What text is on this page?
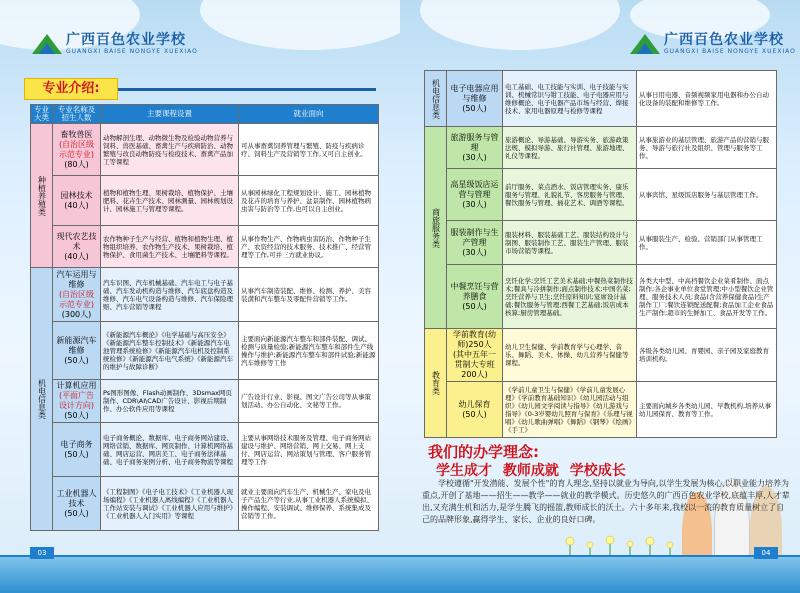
广西百色农业学校
GUANGXI BAISE NONGYE XUEXIAO
专业介绍:
专业大类	专业名称及招生人数	主要课程设置	就业面向
种植养殖类	畜牧兽医
(自治区级示范专业)
(80人)	动物解剖生理、动物微生物及检验动物营养与饲料、兽医基础、畜禽生产与疾病防治、动物繁殖与改良动物防疫与检疫技术、畜禽产品加工等课程	可从事畜禽饲养管理与繁殖、防疫与疾病诊疗、饲料生产及营销等工作,又可自主创业。
	园林技术
(40人)	植物和植物生理、果树栽培、植物保护、土壤肥料、花卉生产技术、园林测量、园林规划设计、园林施工与管理等课程。	从事园林绿化工程规划设计、施工、园林植物及花卉的培育与养护、盆景制作、园林植物病虫害与防治等工作,也可以自主创业。
	现代农艺技术
(40人)	农作物种子生产与经营、植物和植物生理、植物组织培养、农作物生产技术、果树栽培、植物保护、食用菌生产技术、土壤肥料等课程。	从事作物生产、作物病虫害防治、作物种子生产、农资经营的技术服务、技术推广、经营管理等工作,可并三方就业协议。
机电信息类	汽车运用与维修
(自治区级示范专业)
(300人)	汽车识图、汽车机械基础、汽车电工与电子基础、汽车发动机构造与维修、汽车底盘构造及维修、汽车电气设备构造与维修、汽车保险理赔、汽车营销等课程	从事汽车制造装配、维修、检测、养护、美容装潢和汽车整车及零配件营销等工作。
	新能源汽车维修
(50人)	《新能源汽车概论》《电学基础与高压安全》《新能源汽车整车控制技术》《新能源汽车电池管理系统检修》《新能源汽车电机及控制系统检修》《新能源汽车电气系统》《新能源汽车的维护与故障诊断》	主要面向新能源汽车整车和部件装配、调试、检测与质量检验;新能源汽车整车和部件生产线操作与维护;新能源汽车整车和部件试验;新能源汽车维修等工作
	计算机应用
(平面广告设计方向)
(50人)	Ps图形图像、Flash动画制作、3Dsmax网页制作、CDR\AI\CAD广告设计、影视后期制作、办公软件应用等课程	广告设计行业、影视、图文广告公司等从事策划活动、办公自动化、文秘等工作。
	电子商务
(50人)	电子商务概论、数据库、电子商务网站建设、网络营销、数据库、网页制作、计算机网络基础、网店运营、网店美工、电子商务法律基础、电子商务案例分析、电子商务物流等课程	主要从事网络技术服务及管理、电子商务网站建设与维护、网络营销、网上交易、网上支付、网店运营、网站策划与管理、客户服务管理等工作
	工业机器人技术
(50人)	《工程制图》《电子电工技术》《工业机器人现场编程》《工业机器人离线编程》《工业机器人工作站安装与调试》《工业机器人应用与维护》《工业机器人入门实用》等课程	就业主要面向汽车生产、机械生产、家电及电子产品生产等行业,从事工业机器人系统模拟、操作编程、安装调试、维修保养、系统集成及营销等工作。
03
广西百色农业学校
GUANGXI BAISE NONGYE XUEXIAO
机电信息类	电子电器应用与维修
(50人)	电工基础、电工技能与实训、电子技能与实训、机械常识与钳工技能、电子电器应用与维修概论、电子电器产品市场与经营、焊接技术、家用电器原理与检修等课程	从事日用电器、音频视频家用电器和办公自动化设备的装配和维修等工作。
商旅服务类	旅游服务与管理
(30人)	旅游概论、导游基础、导游实务、旅游政策法规、模拟导游、旅行社管理、旅游地理、礼仪等课程。	从事旅游业的基层管理、旅游产品的营销与服务、导游与旅行社及组织、管理与服务等工作。
	高星级饭店运营与管理
(30人)	前厅服务、菜点酒水、饭店管理实务、康乐服务与管理、礼貌礼节、客房服务与管理、餐饮服务与管理、插花艺术、调酒等课程。	从事宾馆、星级饭店服务与基层管理工作。
	服装制作与生产管理
(30人)	服装材料、服装基础工艺、服装结构设计与制图、服装制作工艺、服装生产管理、服装市场营销等课程。	从事服装生产、检验、营销部门从事管理工作。
	中餐烹饪与营养膳食
(50人)	烹饪化学;烹饪工艺美术基础;中餐热菜制作技术;餐具与冷拼制作;面点制作技术;中国名菜;烹饪营养与卫生;烹饪原料知识;宴席设计基础;餐饮服务与管理;西餐工艺基础;饭店成本核算;厨房管理基础。	各类大中型、中高档餐饮企业菜肴制作、面点制作;各企事业单位食堂管理;中小型餐饮企业管理、服务技术人员;食品(含营养保健食品)生产制作工厂;餐饮连锁配送配餐;食品加工企业食品生产制作;超市的生鲜加工、食品开发等工作。
教育类	学前教育(幼师)250人
(其中五年一贯制大专班200人)	幼儿卫生保健、学前教育学与心理学、音乐、舞蹈、美术、体操、幼儿营养与保健等课程。	各级各类幼儿园、育婴园、亲子园及家庭教育培训机构。
	幼儿保育
(50人)	《学前儿童卫生与保健》《学前儿童发展心理》《学前教育基础知识》《幼儿园活动与组织》《幼儿园文学阅读与指导》《幼儿游戏与指导》《0-3岁婴幼儿照育与保育》《乐理与视唱》《幼儿歌曲弹唱》《舞蹈》《钢琴》《绘画》《手工》	主要面向城乡各类幼儿园、早教机构,培养从事幼儿园保育、教育等工作。
我们的办学理念:
学生成才 教师成就 学校成长
学校遵循"开发潜能、发展个性"的育人理念,坚持以就业为导向,以学生发展为核心,以职业能力培养为重点,开创了基地——招生——教学——就业的教学模式。历史悠久的广西百色农业学校,底蕴丰厚,人才辈出,又充满生机和活力,是学生腾飞的摇篮,教师成长的沃土。六十多年来,我校以一流的教育质量树立了自己的品牌形象,赢得学生、家长、企业的良好口碑。
04
